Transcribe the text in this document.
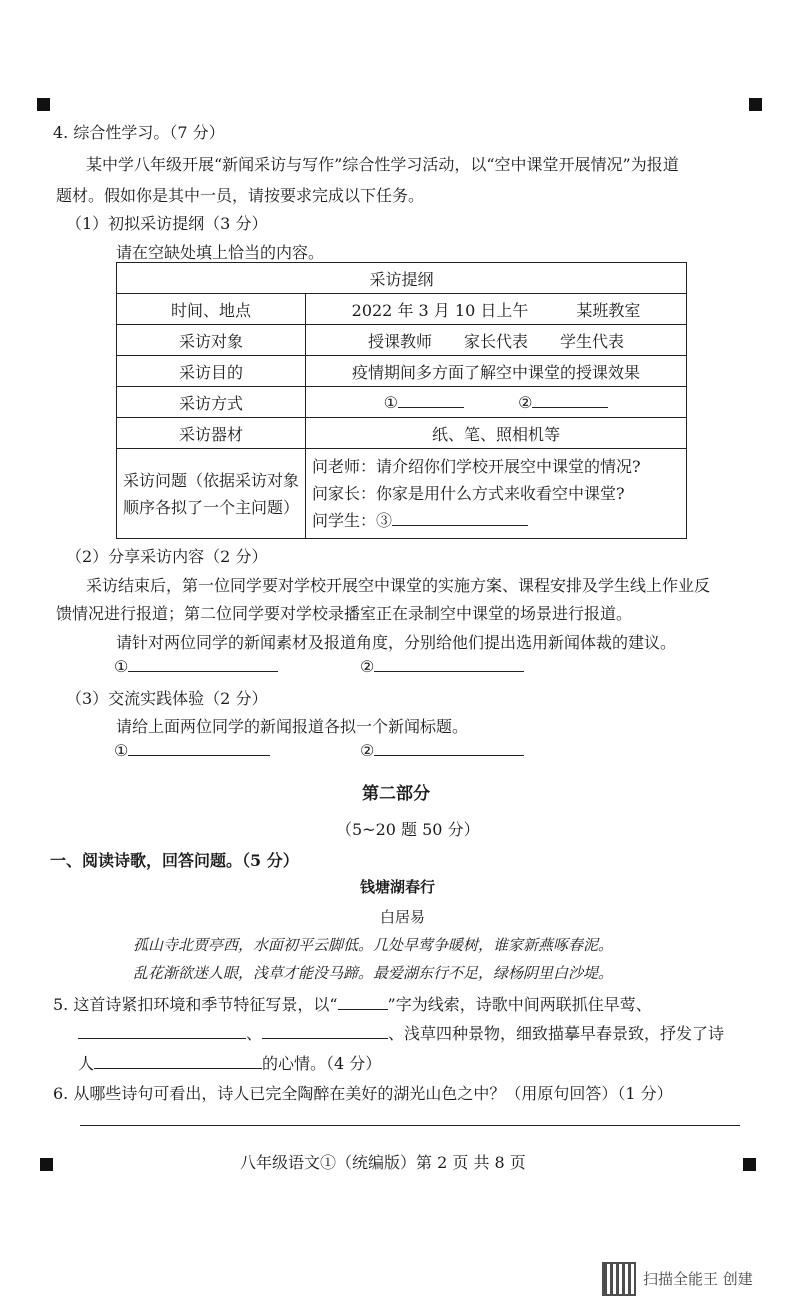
4. 综合性学习。（7 分）
某中学八年级开展“新闻采访与写作”综合性学习活动，以“空中课堂开展情况”为报道
题材。假如你是其中一员，请按要求完成以下任务。
（1）初拟采访提纲（3 分）
请在空缺处填上恰当的内容。
采访提纲	
时间、地点	2022 年 3 月 10 日上午　　　某班教室
采访对象	授课教师　　家长代表　　学生代表
采访目的	疫情期间多方面了解空中课堂的授课效果
采访方式	① ②
采访器材	纸、笔、照相机等
采访问题（依据采访对象顺序各拟了一个主问题）	问老师：请介绍你们学校开展空中课堂的情况?
问家长：你家是用什么方式来收看空中课堂?
问学生：③
（2）分享采访内容（2 分）
采访结束后，第一位同学要对学校开展空中课堂的实施方案、课程安排及学生线上作业反
馈情况进行报道；第二位同学要对学校录播室正在录制空中课堂的场景进行报道。
请针对两位同学的新闻素材及报道角度，分别给他们提出选用新闻体裁的建议。
①	②
（3）交流实践体验（2 分）
请给上面两位同学的新闻报道各拟一个新闻标题。
①	②
第二部分
（5~20 题 50 分）
一、阅读诗歌，回答问题。（5 分）
钱塘湖春行
白居易
孤山寺北贾亭西，水面初平云脚低。几处早莺争暖树，谁家新燕啄春泥。
乱花渐欲迷人眼，浅草才能没马蹄。最爱湖东行不足，绿杨阴里白沙堤。
5. 这首诗紧扣环境和季节特征写景，以“	”字为线索，诗歌中间两联抓住早莺、
、	、浅草四种景物，细致描摹早春景致，抒发了诗
人	的心情。（4 分）
6. 从哪些诗句可看出，诗人已完全陶醉在美好的湖光山色之中？（用原句回答）（1 分）
八年级语文①（统编版）第 2 页 共 8 页
扫描全能王 创建
